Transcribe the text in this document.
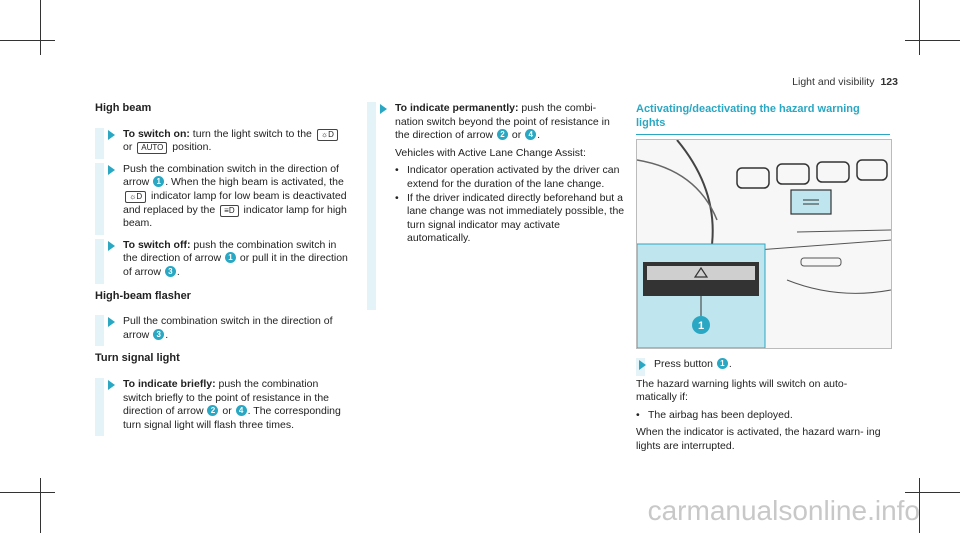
Light and visibility 123
High beam
To switch on: turn the light switch to the ☼D or AUTO position.
Push the combination switch in the direction of arrow 1 . When the high beam is activated, the ☼D indicator lamp for low beam is deactivated and replaced by the ≡D indicator lamp for high beam.
To switch off: push the combination switch in the direction of arrow 1 or pull it in the direction of arrow 3 .
High-beam flasher
Pull the combination switch in the direction of arrow 3 .
Turn signal light
To indicate briefly: push the combination switch briefly to the point of resistance in the direction of arrow 2 or 4 . The corresponding turn signal light will flash three times.
To indicate permanently: push the combi- nation switch beyond the point of resistance in the direction of arrow 2 or 4 .
Vehicles with Active Lane Change Assist:
• Indicator operation activated by the driver can extend for the duration of the lane change.
• If the driver indicated directly beforehand but a lane change was not immediately possible, the turn signal indicator may activate automatically.
Activating/deactivating the hazard warning lights
1
Press button 1 .
The hazard warning lights will switch on auto- matically if:
• The airbag has been deployed.
When the indicator is activated, the hazard warn- ing lights are interrupted.
carmanualsonline.info
